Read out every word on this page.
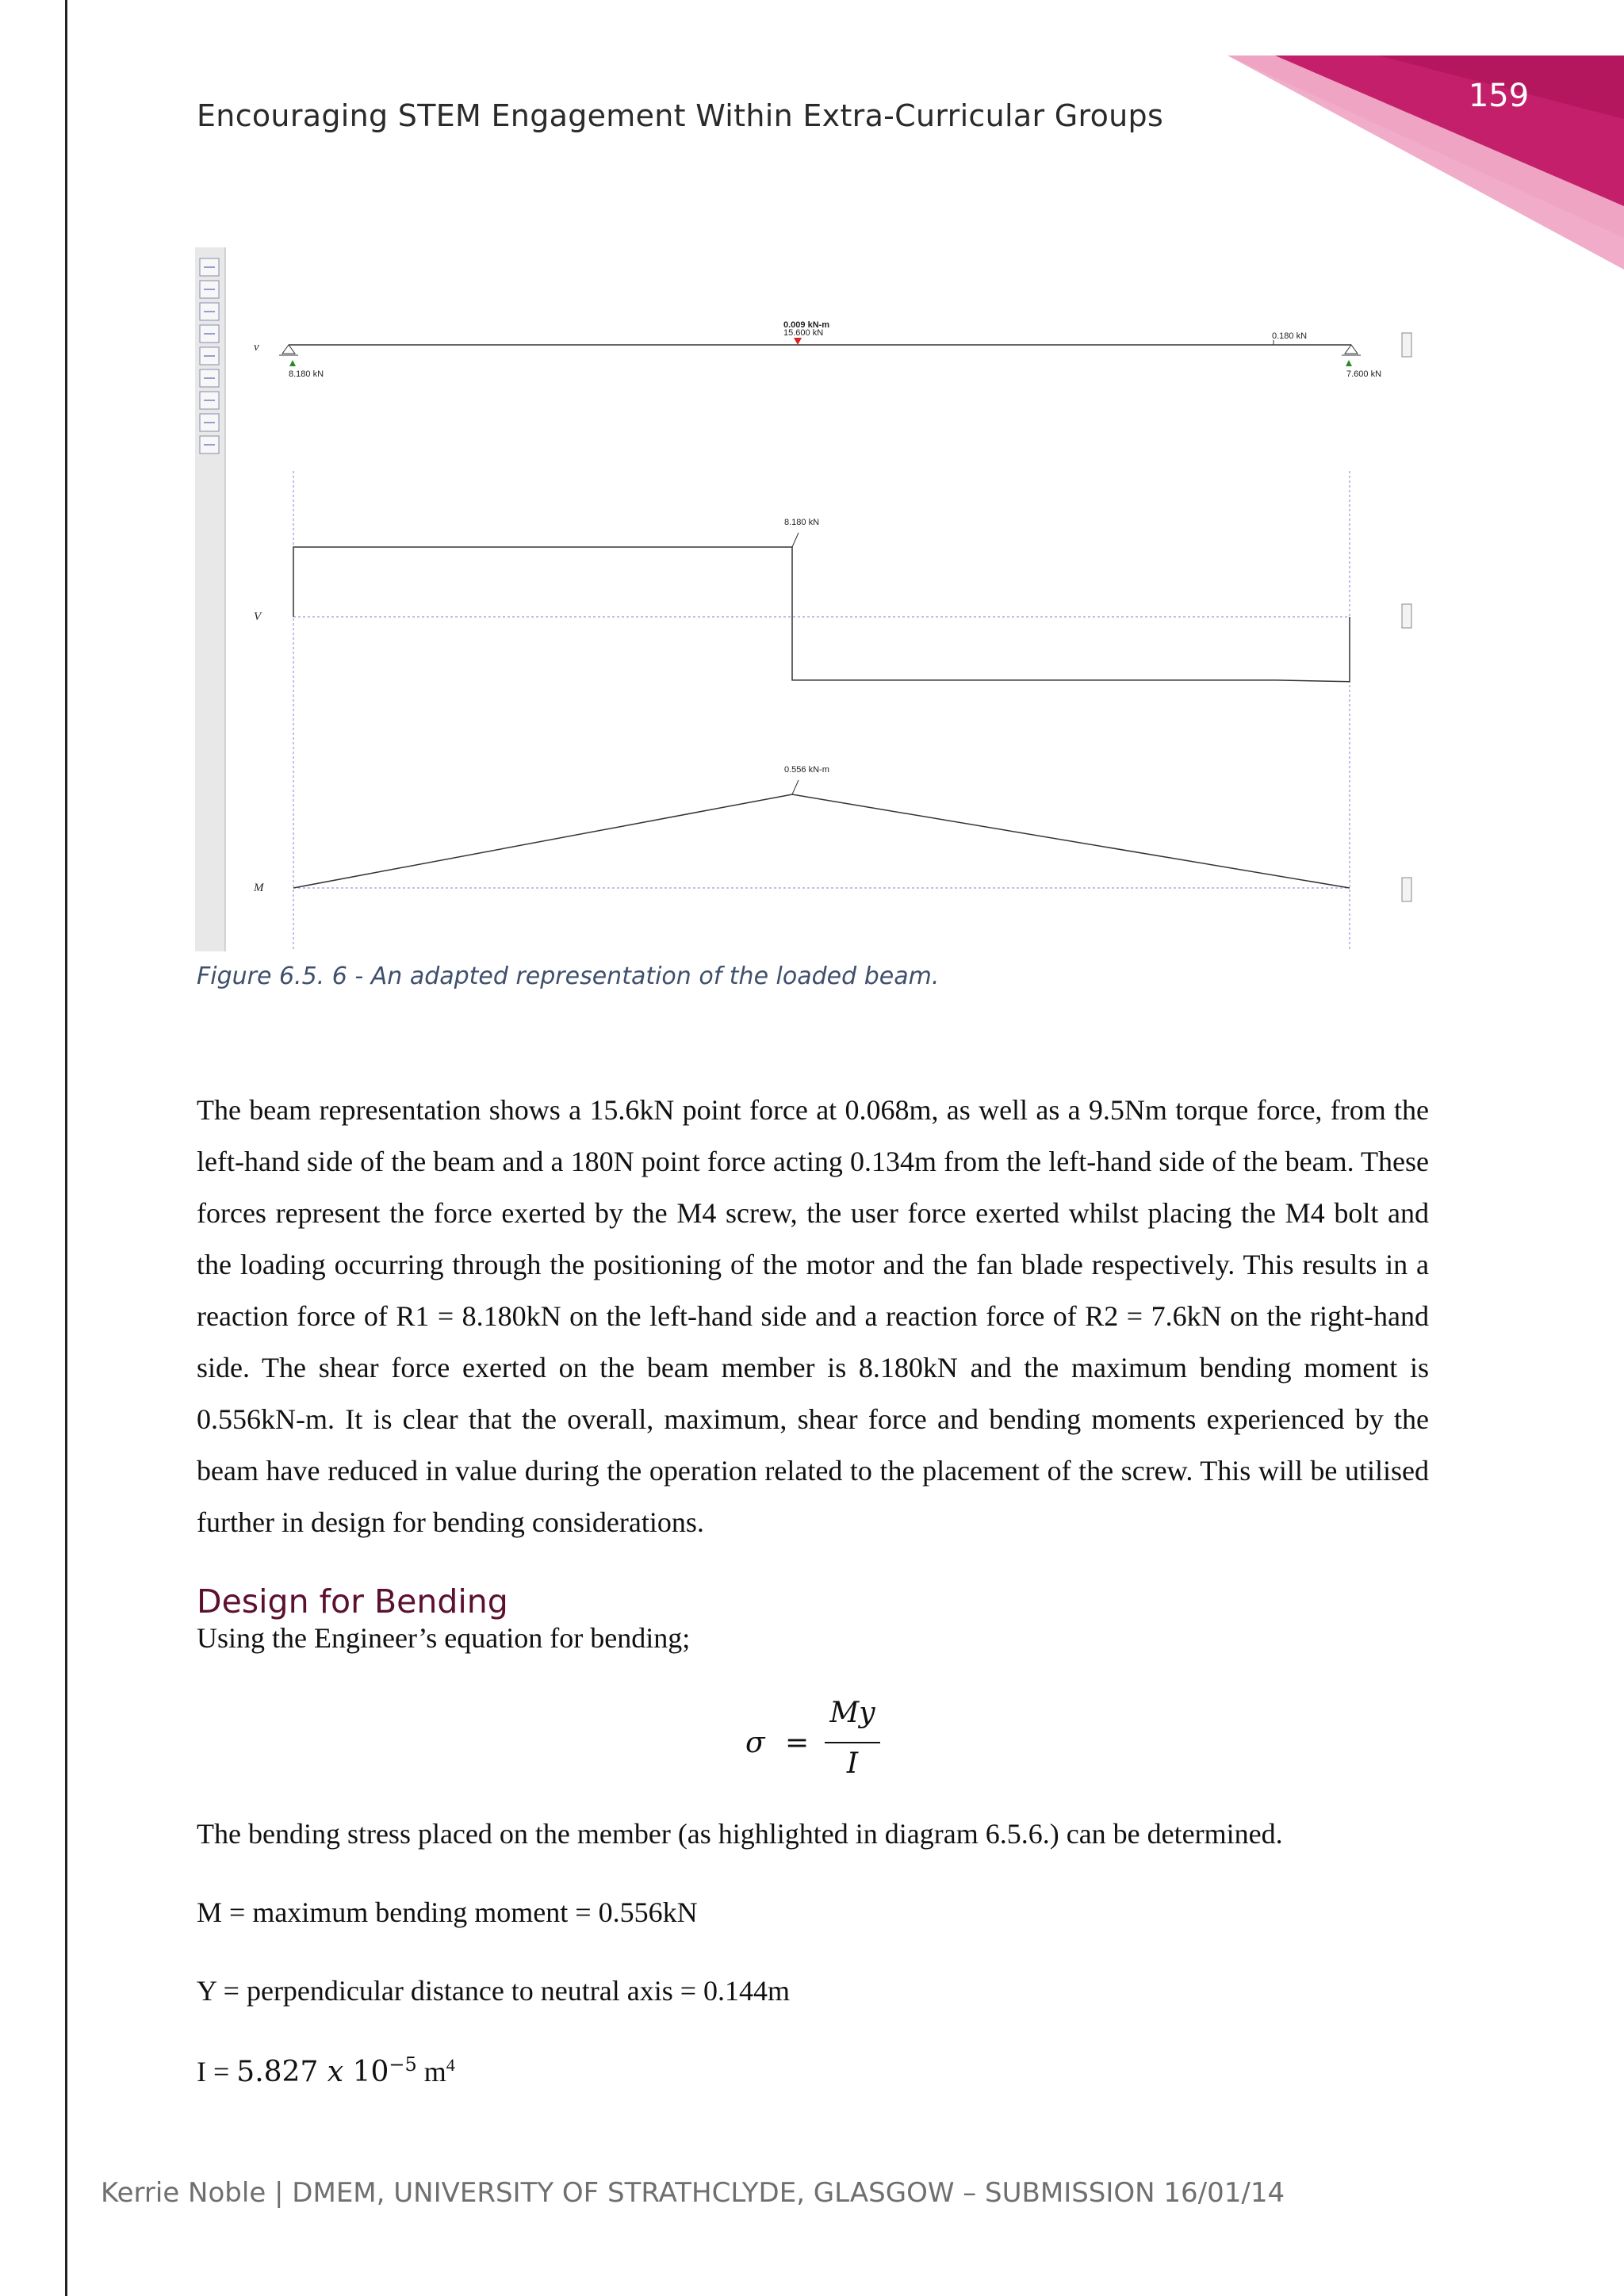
159
Encouraging STEM Engagement Within Extra-Curricular Groups
v
0.009 kN-m
15.600 kN	0.180 kN
8.180 kN	7.600 kN
V
8.180 kN
M
0.556 kN-m
Figure 6.5. 6 - An adapted representation of the loaded beam.

The beam representation shows a 15.6kN point force at 0.068m, as well as a 9.5Nm torque force, from the left-hand side of the beam and a 180N point force acting 0.134m from the left-hand side of the beam. These forces represent the force exerted by the M4 screw, the user force exerted whilst placing the M4 bolt and the loading occurring through the positioning of the motor and the fan blade respectively. This results in a reaction force of R1 = 8.180kN on the left-hand side and a reaction force of R2 = 7.6kN on the right-hand side. The shear force exerted on the beam member is 8.180kN and the maximum bending moment is 0.556kN-m. It is clear that the overall, maximum, shear force and bending moments experienced by the beam have reduced in value during the operation related to the placement of the screw. This will be utilised further in design for bending considerations.

Design for Bending
Using the Engineer’s equation for bending;
σ =
My
I
The bending stress placed on the member (as highlighted in diagram 6.5.6.) can be determined.
M = maximum bending moment = 0.556kN
Y = perpendicular distance to neutral axis = 0.144m
I = 5.827 x $10^{-5}$ $m^4$
Kerrie Noble | DMEM, UNIVERSITY OF STRATHCLYDE, GLASGOW – SUBMISSION 16/01/14
